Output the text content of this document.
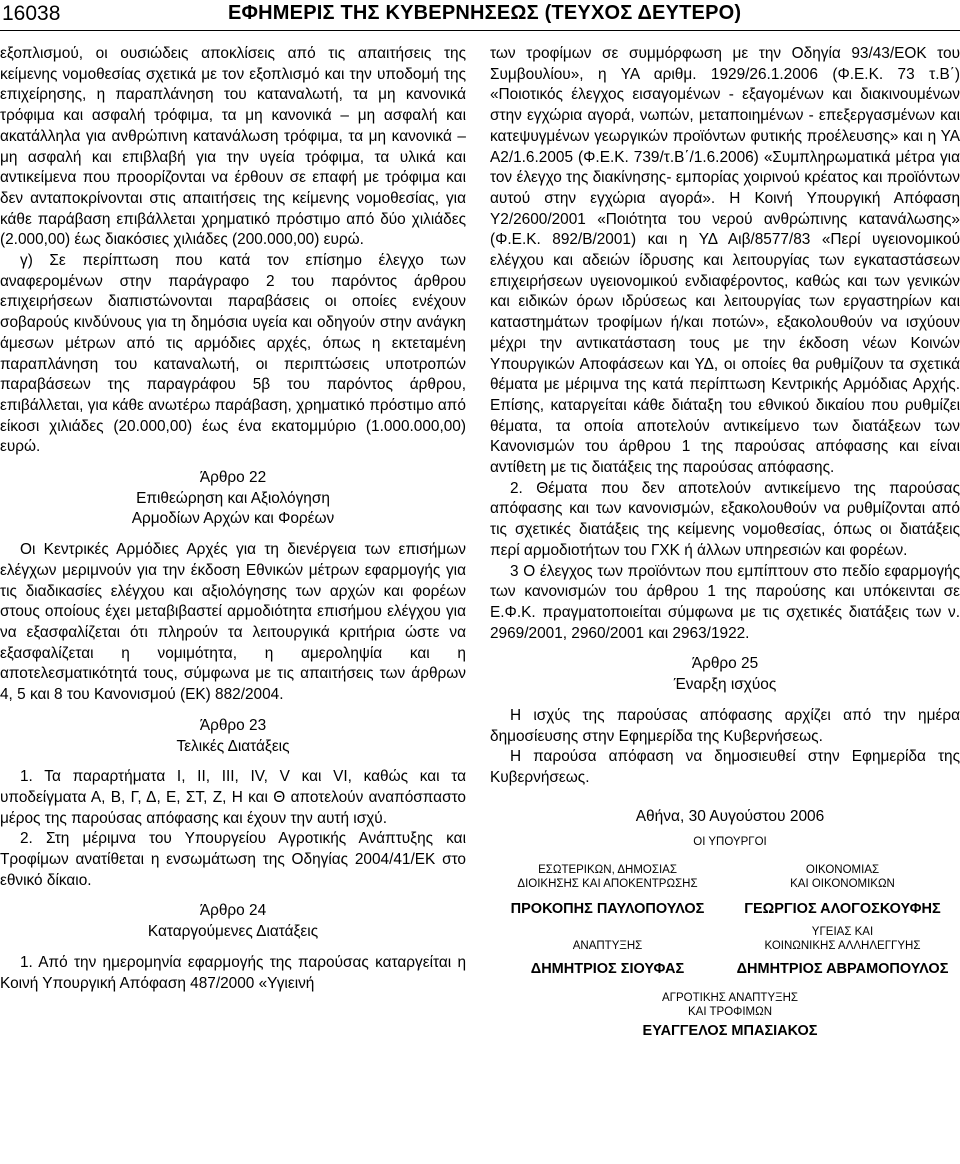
16038	ΕΦΗΜΕΡΙΣ ΤΗΣ ΚΥΒΕΡΝΗΣΕΩΣ (ΤΕΥΧΟΣ ΔΕΥΤΕΡΟ)

εξοπλισμού, οι ουσιώδεις αποκλίσεις από τις απαιτήσεις της κείμενης νομοθεσίας σχετικά με τον εξοπλισμό και την υποδομή της επιχείρησης, η παραπλάνηση του καταναλωτή, τα μη κανονικά τρόφιμα και ασφαλή τρόφιμα, τα μη κανονικά – μη ασφαλή και ακατάλληλα για ανθρώπινη κατανάλωση τρόφιμα, τα μη κανονικά – μη ασφαλή και επιβλαβή για την υγεία τρόφιμα, τα υλικά και αντικείμενα που προορίζονται να έρθουν σε επαφή με τρόφιμα και δεν ανταποκρίνονται στις απαιτήσεις της κείμενης νομοθεσίας, για κάθε παράβαση επιβάλλεται χρηματικό πρόστιμο από δύο χιλιάδες (2.000,00) έως διακόσιες χιλιάδες (200.000,00) ευρώ.

γ) Σε περίπτωση που κατά τον επίσημο έλεγχο των αναφερομένων στην παράγραφο 2 του παρόντος άρθρου επιχειρήσεων διαπιστώνονται παραβάσεις οι οποίες ενέχουν σοβαρούς κινδύνους για τη δημόσια υγεία και οδηγούν στην ανάγκη άμεσων μέτρων από τις αρμόδιες αρχές, όπως η εκτεταμένη παραπλάνηση του καταναλωτή, οι περιπτώσεις υποτροπών παραβάσεων της παραγράφου 5β του παρόντος άρθρου, επιβάλλεται, για κάθε ανωτέρω παράβαση, χρηματικό πρόστιμο από είκοσι χιλιάδες (20.000,00) έως ένα εκατομμύριο (1.000.000,00) ευρώ.

Άρθρο 22

Επιθεώρηση και Αξιολόγηση

Αρμοδίων Αρχών και Φορέων

Οι Κεντρικές Αρμόδιες Αρχές για τη διενέργεια των επισήμων ελέγχων μεριμνούν για την έκδοση Εθνικών μέτρων εφαρμογής για τις διαδικασίες ελέγχου και αξιολόγησης των αρχών και φορέων στους οποίους έχει μεταβιβαστεί αρμοδιότητα επισήμου ελέγχου για να εξασφαλίζεται ότι πληρούν τα λειτουργικά κριτήρια ώστε να εξασφαλίζεται η νομιμότητα, η αμεροληψία και η αποτελεσματικότητά τους, σύμφωνα με τις απαιτήσεις των άρθρων 4, 5 και 8 του Κανονισμού (ΕΚ) 882/2004.

Άρθρο 23

Τελικές Διατάξεις

1. Τα παραρτήματα Ι, ΙΙ, ΙΙΙ, ΙV, V και VI, καθώς και τα υποδείγματα Α, Β, Γ, Δ, Ε, ΣΤ, Ζ, Η και Θ αποτελούν αναπόσπαστο μέρος της παρούσας απόφασης και έχουν την αυτή ισχύ.

2. Στη μέριμνα του Υπουργείου Αγροτικής Ανάπτυξης και Τροφίμων ανατίθεται η ενσωμάτωση της Οδηγίας 2004/41/ΕΚ στο εθνικό δίκαιο.

Άρθρο 24

Καταργούμενες Διατάξεις

1. Από την ημερομηνία εφαρμογής της παρούσας καταργείται η Κοινή Υπουργική Απόφαση 487/2000 «Υγιεινή

των τροφίμων σε συμμόρφωση με την Οδηγία 93/43/ΕΟΚ του Συμβουλίου», η ΥΑ αριθμ. 1929/26.1.2006 (Φ.Ε.Κ. 73 τ.Β΄) «Ποιοτικός έλεγχος εισαγομένων - εξαγομένων και διακινουμένων στην εγχώρια αγορά, νωπών, μεταποιημένων - επεξεργασμένων και κατεψυγμένων γεωργικών προϊόντων φυτικής προέλευσης» και η ΥΑ Α2/1.6.2005 (Φ.Ε.Κ. 739/τ.Β΄/1.6.2006) «Συμπληρωματικά μέτρα για τον έλεγχο της διακίνησης- εμπορίας χοιρινού κρέατος και προϊόντων αυτού στην εγχώρια αγορά». Η Κοινή Υπουργική Απόφαση Υ2/2600/2001 «Ποιότητα του νερού ανθρώπινης κατανάλωσης» (Φ.Ε.Κ. 892/Β/2001) και η ΥΔ Αιβ/8577/83 «Περί υγειονομικού ελέγχου και αδειών ίδρυσης και λειτουργίας των εγκαταστάσεων επιχειρήσεων υγειονομικού ενδιαφέροντος, καθώς και των γενικών και ειδικών όρων ιδρύσεως και λειτουργίας των εργαστηρίων και καταστημάτων τροφίμων ή/και ποτών», εξακολουθούν να ισχύουν μέχρι την αντικατάσταση τους με την έκδοση νέων Κοινών Υπουργικών Αποφάσεων και ΥΔ, οι οποίες θα ρυθμίζουν τα σχετικά θέματα με μέριμνα της κατά περίπτωση Κεντρικής Αρμόδιας Αρχής. Επίσης, καταργείται κάθε διάταξη του εθνικού δικαίου που ρυθμίζει θέματα, τα οποία αποτελούν αντικείμενο των διατάξεων των Κανονισμών του άρθρου 1 της παρούσας απόφασης και είναι αντίθετη με τις διατάξεις της παρούσας απόφασης.

2. Θέματα που δεν αποτελούν αντικείμενο της παρούσας απόφασης και των κανονισμών, εξακολουθούν να ρυθμίζονται από τις σχετικές διατάξεις της κείμενης νομοθεσίας, όπως οι διατάξεις περί αρμοδιοτήτων του ΓΧΚ ή άλλων υπηρεσιών και φορέων.

3 Ο έλεγχος των προϊόντων που εμπίπτουν στο πεδίο εφαρμογής των κανονισμών του άρθρου 1 της παρούσης και υπόκεινται σε Ε.Φ.Κ. πραγματοποιείται σύμφωνα με τις σχετικές διατάξεις των ν. 2969/2001, 2960/2001 και 2963/1922.

Άρθρο 25

Έναρξη ισχύος

Η ισχύς της παρούσας απόφασης αρχίζει από την ημέρα δημοσίευσης στην Εφημερίδα της Κυβερνήσεως.

Η παρούσα απόφαση να δημοσιευθεί στην Εφημερίδα της Κυβερνήσεως.

Αθήνα, 30 Αυγούστου 2006
ΟΙ ΥΠΟΥΡΓΟΙ
ΕΣΩΤΕΡΙΚΩΝ, ΔΗΜΟΣΙΑΣ
ΔΙΟΙΚΗΣΗΣ ΚΑΙ ΑΠΟΚΕΝΤΡΩΣΗΣ
ΠΡΟΚΟΠΗΣ ΠΑΥΛΟΠΟΥΛΟΣ
ΟΙΚΟΝΟΜΙΑΣ
ΚΑΙ ΟΙΚΟΝΟΜΙΚΩΝ
ΓΕΩΡΓΙΟΣ ΑΛΟΓΟΣΚΟΥΦΗΣ
ΑΝΑΠΤΥΞΗΣ
ΔΗΜΗΤΡΙΟΣ ΣΙΟΥΦΑΣ
ΥΓΕΙΑΣ ΚΑΙ
ΚΟΙΝΩΝΙΚΗΣ ΑΛΛΗΛΕΓΓΥΗΣ
ΔΗΜΗΤΡΙΟΣ ΑΒΡΑΜΟΠΟΥΛΟΣ
ΑΓΡΟΤΙΚΗΣ ΑΝΑΠΤΥΞΗΣ
ΚΑΙ ΤΡΟΦΙΜΩΝ
ΕΥΑΓΓΕΛΟΣ ΜΠΑΣΙΑΚΟΣ
